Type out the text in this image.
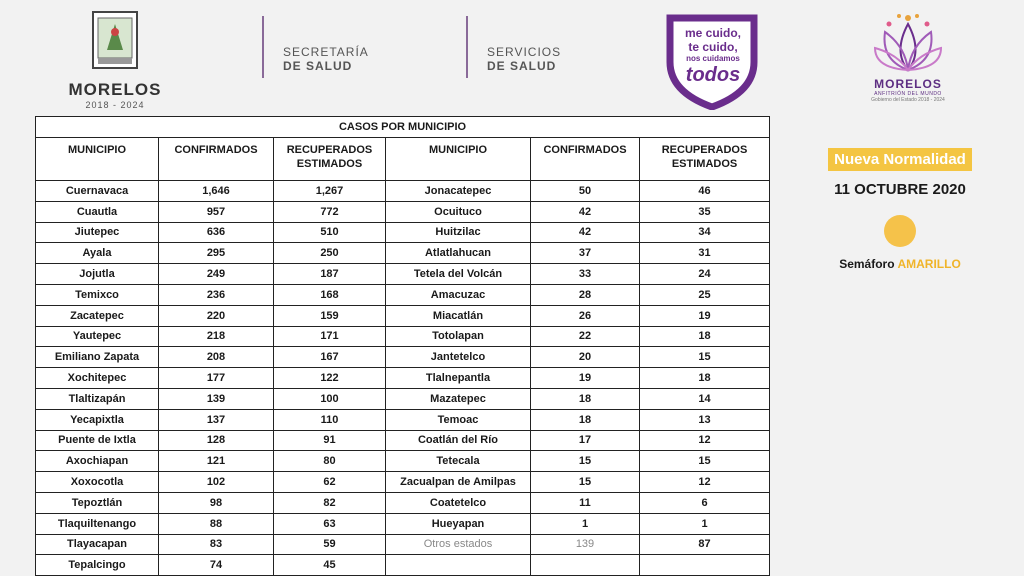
MORELOS
2018 - 2024
SECRETARÍA
DE SALUD
SERVICIOS
DE SALUD
me cuido,
te cuido,
nos cuidamos
todos	MORELOS
ANFITRIÓN DEL MUNDO
Gobierno del Estado 2018 - 2024
CASOS POR MUNICIPIO					
MUNICIPIO	CONFIRMADOS	RECUPERADOS ESTIMADOS	MUNICIPIO	CONFIRMADOS	RECUPERADOS ESTIMADOS
Cuernavaca	1,646	1,267	Jonacatepec	50	46
Cuautla	957	772	Ocuituco	42	35
Jiutepec	636	510	Huitzilac	42	34
Ayala	295	250	Atlatlahucan	37	31
Jojutla	249	187	Tetela del Volcán	33	24
Temixco	236	168	Amacuzac	28	25
Zacatepec	220	159	Miacatlán	26	19
Yautepec	218	171	Totolapan	22	18
Emiliano Zapata	208	167	Jantetelco	20	15
Xochitepec	177	122	Tlalnepantla	19	18
Tlaltizapán	139	100	Mazatepec	18	14
Yecapixtla	137	110	Temoac	18	13
Puente de Ixtla	128	91	Coatlán del Río	17	12
Axochiapan	121	80	Tetecala	15	15
Xoxocotla	102	62	Zacualpan de Amilpas	15	12
Tepoztlán	98	82	Coatetelco	11	6
Tlaquiltenango	88	63	Hueyapan	1	1
Tlayacapan	83	59	Otros estados	139	87
Tepalcingo	74	45			
Nueva Normalidad
11 OCTUBRE 2020
Semáforo AMARILLO
